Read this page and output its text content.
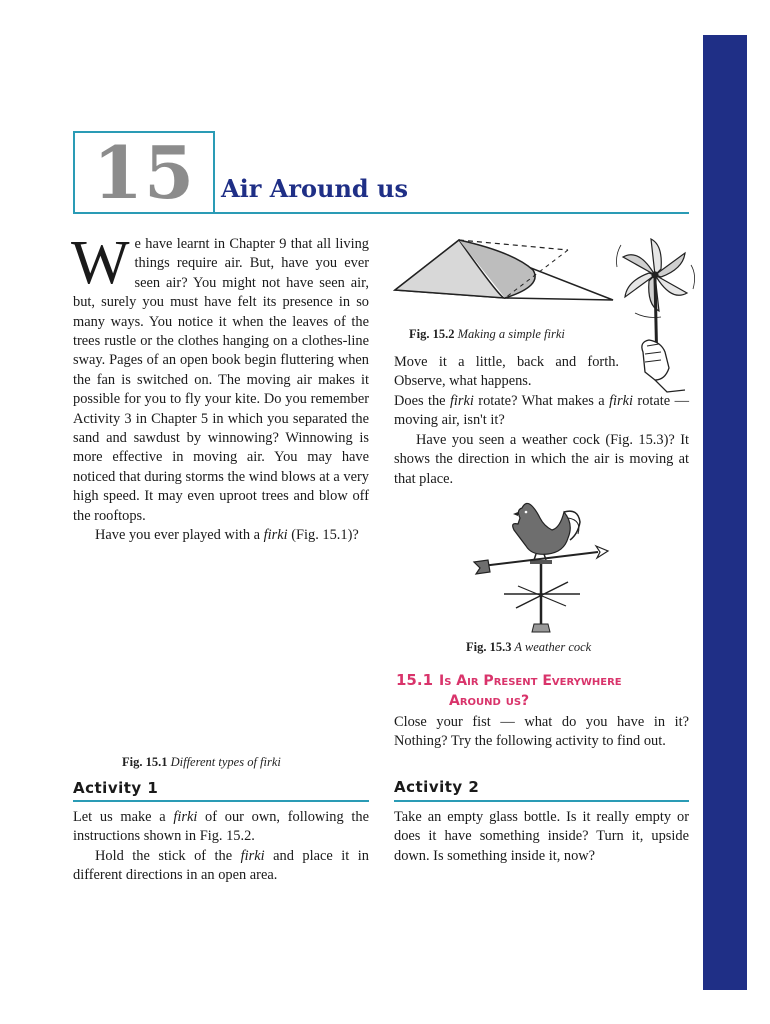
15 Air Around us

We have learnt in Chapter 9 that all living things require air. But, have you ever seen air? You might not have seen air, but, surely you must have felt its presence in so many ways. You notice it when the leaves of the trees rustle or the clothes hanging on a clothes-line sway. Pages of an open book begin fluttering when the fan is switched on. The moving air makes it possible for you to fly your kite. Do you remember Activity 3 in Chapter 5 in which you separated the sand and sawdust by winnowing? Winnowing is more effective in moving air. You may have noticed that during storms the wind blows at a very high speed. It may even uproot trees and blow off the rooftops.

Have you ever played with a firki (Fig. 15.1)?

Fig. 15.1 Different types of firki
Activity 1

Let us make a firki of our own, following the instructions shown in Fig. 15.2.

Hold the stick of the firki and place it in different directions in an open area.

Fig. 15.2 Making a simple firki
Move it a little, back and forth. Observe, what happens.

Does the firki rotate? What makes a firki rotate — moving air, isn't it?

Have you seen a weather cock (Fig. 15.3)? It shows the direction in which the air is moving at that place.

Fig. 15.3 A weather cock
15.1 Is Air Present Everywhere
Around us?
Close your fist — what do you have in it? Nothing? Try the following activity to find out.
Activity 2
Take an empty glass bottle. Is it really empty or does it have something inside? Turn it, upside down. Is something inside it, now?
